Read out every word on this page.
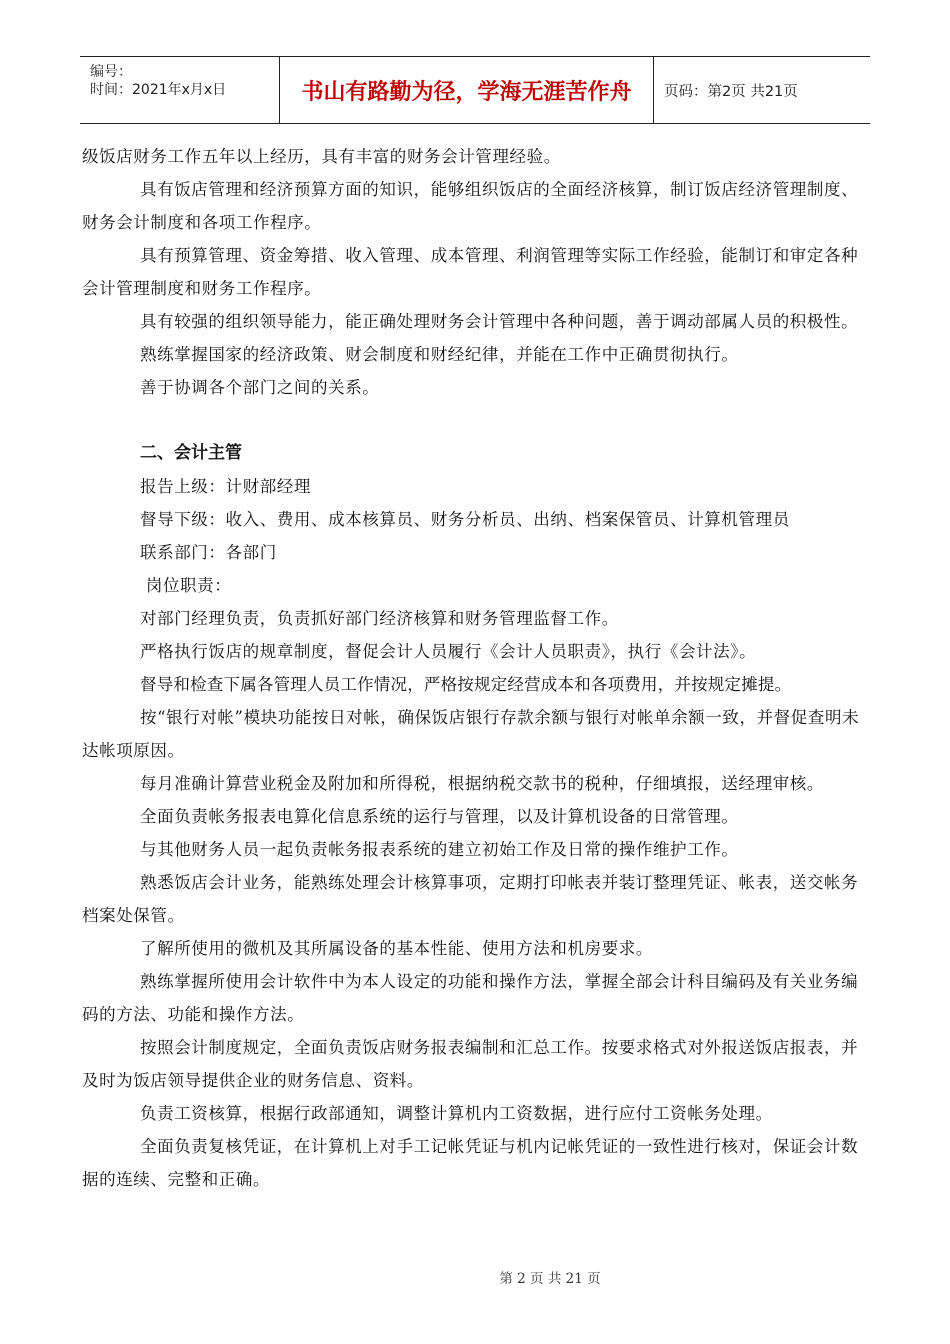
编号：
时间：2021年x月x日	书山有路勤为径，学海无涯苦作舟	页码：第2页 共21页

级饭店财务工作五年以上经历，具有丰富的财务会计管理经验。

具有饭店管理和经济预算方面的知识，能够组织饭店的全面经济核算，制订饭店经济管理制度、财务会计制度和各项工作程序。

具有预算管理、资金筹措、收入管理、成本管理、利润管理等实际工作经验，能制订和审定各种会计管理制度和财务工作程序。

具有较强的组织领导能力，能正确处理财务会计管理中各种问题，善于调动部属人员的积极性。

熟练掌握国家的经济政策、财会制度和财经纪律，并能在工作中正确贯彻执行。

善于协调各个部门之间的关系。

二、会计主管

报告上级：计财部经理

督导下级：收入、费用、成本核算员、财务分析员、出纳、档案保管员、计算机管理员

联系部门：各部门

岗位职责：

对部门经理负责，负责抓好部门经济核算和财务管理监督工作。

严格执行饭店的规章制度，督促会计人员履行《会计人员职责》，执行《会计法》。

督导和检查下属各管理人员工作情况，严格按规定经营成本和各项费用，并按规定摊提。

按“银行对帐”模块功能按日对帐，确保饭店银行存款余额与银行对帐单余额一致，并督促查明未达帐项原因。

每月准确计算营业税金及附加和所得税，根据纳税交款书的税种，仔细填报，送经理审核。

全面负责帐务报表电算化信息系统的运行与管理，以及计算机设备的日常管理。

与其他财务人员一起负责帐务报表系统的建立初始工作及日常的操作维护工作。

熟悉饭店会计业务，能熟练处理会计核算事项，定期打印帐表并装订整理凭证、帐表，送交帐务档案处保管。

了解所使用的微机及其所属设备的基本性能、使用方法和机房要求。

熟练掌握所使用会计软件中为本人设定的功能和操作方法，掌握全部会计科目编码及有关业务编码的方法、功能和操作方法。

按照会计制度规定，全面负责饭店财务报表编制和汇总工作。按要求格式对外报送饭店报表，并及时为饭店领导提供企业的财务信息、资料。

负责工资核算，根据行政部通知，调整计算机内工资数据，进行应付工资帐务处理。

全面负责复核凭证，在计算机上对手工记帐凭证与机内记帐凭证的一致性进行核对，保证会计数据的连续、完整和正确。

第 2 页 共 21 页
